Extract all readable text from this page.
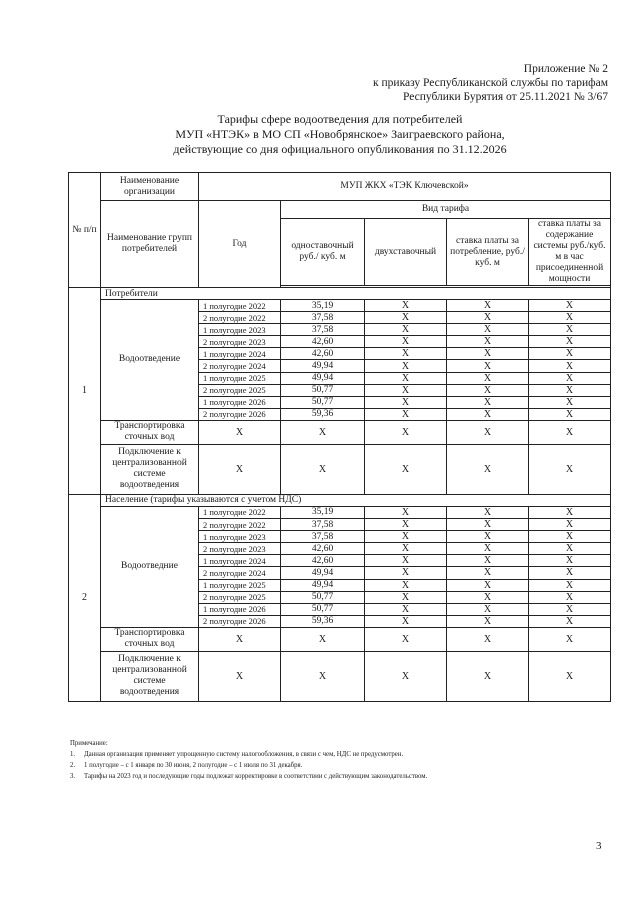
Приложение № 2
к приказу Республиканской службы по тарифам
Республики Бурятия от 25.11.2021 № 3/67
Тарифы сфере водоотведения для потребителей
МУП «НТЭК» в МО СП «Новобрянское» Заиграевского района,
действующие со дня официального опубликования по 31.12.2026
№ п/п	Наименование организации	МУП ЖКХ «ТЭК Ключевской»				
	Наименование групп потребителей	Год	Вид тарифа			
			одноставочный руб./ куб. м	двухставочный	ставка платы за потребление, руб./ куб. м	ставка платы за содержание системы руб./куб. м в час присоединенной мощности

1	Потребители					
	Водоотведение	1 полугодие 2022	35,19	X	X	X
		2 полугодие 2022	37,58	X	X	X
		1 полугодие 2023	37,58	X	X	X
		2 полугодие 2023	42,60	X	X	X
		1 полугодие 2024	42,60	X	X	X
		2 полугодие 2024	49,94	X	X	X
		1 полугодие 2025	49,94	X	X	X
		2 полугодие 2025	50,77	X	X	X
		1 полугодие 2026	50,77	X	X	X
		2 полугодие 2026	59,36	X	X	X
	Транспортировка сточных вод	X	X	X	X	X
	Подключение к централизованной системе водоотведения	X	X	X	X	X
2	Население (тарифы указываются с учетом НДС)					
	Водоотведние	1 полугодие 2022	35,19	X	X	X
		2 полугодие 2022	37,58	X	X	X
		1 полугодие 2023	37,58	X	X	X
		2 полугодие 2023	42,60	X	X	X
		1 полугодие 2024	42,60	X	X	X
		2 полугодие 2024	49,94	X	X	X
		1 полугодие 2025	49,94	X	X	X
		2 полугодие 2025	50,77	X	X	X
		1 полугодие 2026	50,77	X	X	X
		2 полугодие 2026	59,36	X	X	X
	Транспортировка сточных вод	X	X	X	X	X
	Подключение к централизованной системе водоотведения	X	X	X	X	X
Примечание:
1.	Данная организация применяет упрощенную систему налогообложения, в связи с чем, НДС не предусмотрен.
2.	1 полугодие – с 1 января по 30 июня, 2 полугодие – с 1 июля по 31 декабря.
3.	Тарифы на 2023 год и последующие годы подлежат корректировке в соответствии с действующим законодательством.
3
